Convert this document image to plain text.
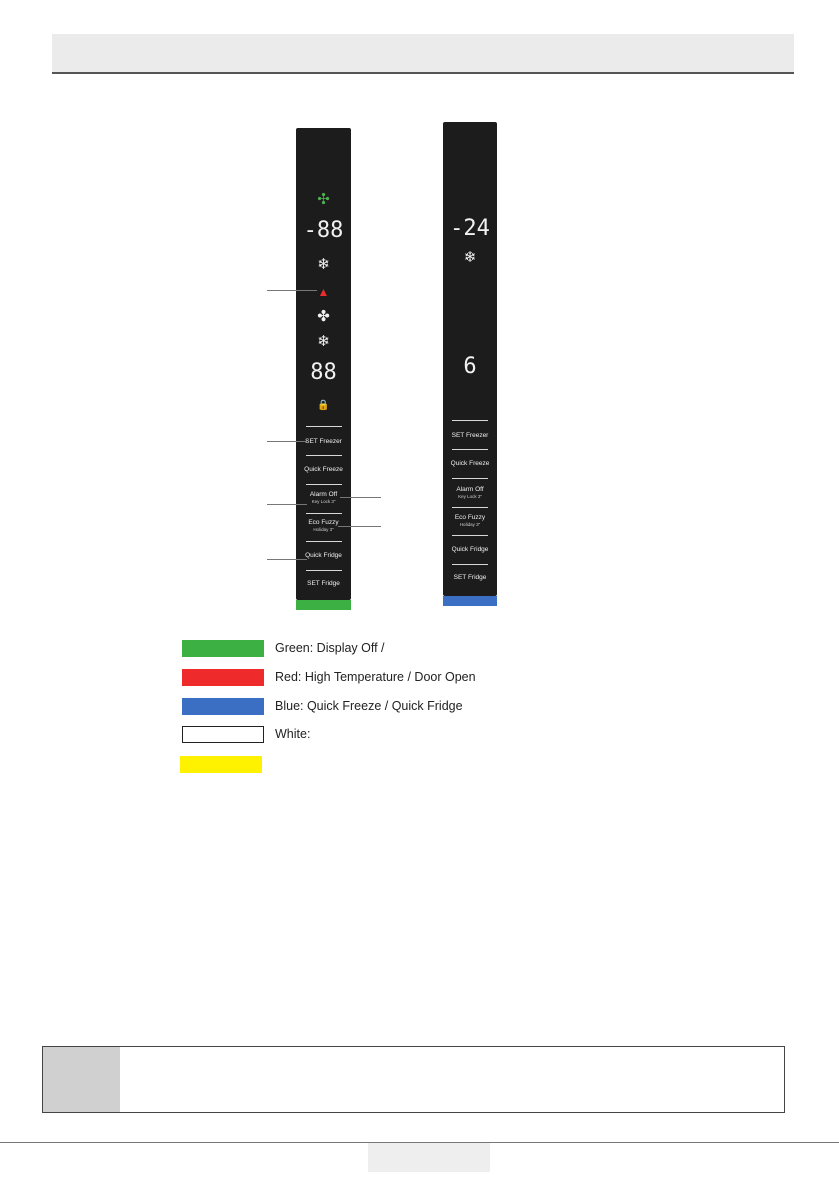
✣
-88
❄
▲
✤
❄
88
🔒
SET Freezer
Quick Freeze
Alarm Off
Key Lock 3"
Eco Fuzzy
Holiday 3"
Quick Fridge
SET Fridge
-24
❄
6
SET Freezer
Quick Freeze
Alarm Off
Key Lock 3"
Eco Fuzzy
Holiday 3"
Quick Fridge
SET Fridge
Green: Display Off /
Red: High Temperature / Door Open
Blue: Quick Freeze / Quick Fridge
White:
